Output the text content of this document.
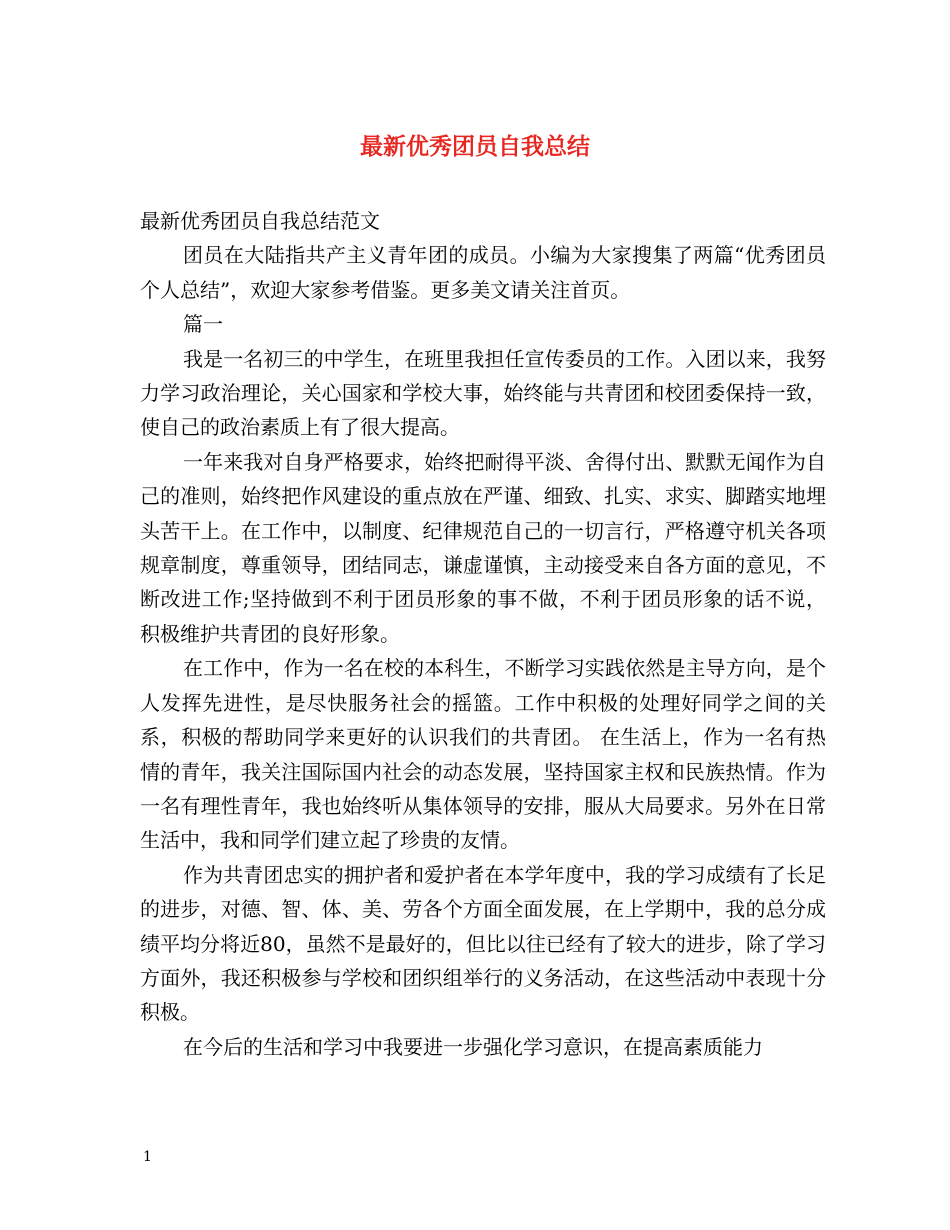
最新优秀团员自我总结

最新优秀团员自我总结范文

团员在大陆指共产主义青年团的成员。小编为大家搜集了两篇“优秀团员个人总结”，欢迎大家参考借鉴。更多美文请关注首页。

篇一

我是一名初三的中学生，在班里我担任宣传委员的工作。入团以来，我努力学习政治理论，关心国家和学校大事，始终能与共青团和校团委保持一致，使自己的政治素质上有了很大提高。

一年来我对自身严格要求，始终把耐得平淡、舍得付出、默默无闻作为自己的准则，始终把作风建设的重点放在严谨、细致、扎实、求实、脚踏实地埋头苦干上。在工作中，以制度、纪律规范自己的一切言行，严格遵守机关各项规章制度，尊重领导，团结同志，谦虚谨慎，主动接受来自各方面的意见，不断改进工作;坚持做到不利于团员形象的事不做，不利于团员形象的话不说，积极维护共青团的良好形象。

在工作中，作为一名在校的本科生，不断学习实践依然是主导方向，是个人发挥先进性，是尽快服务社会的摇篮。工作中积极的处理好同学之间的关系，积极的帮助同学来更好的认识我们的共青团。 在生活上，作为一名有热情的青年，我关注国际国内社会的动态发展，坚持国家主权和民族热情。作为一名有理性青年，我也始终听从集体领导的安排，服从大局要求。另外在日常生活中，我和同学们建立起了珍贵的友情。

作为共青团忠实的拥护者和爱护者在本学年度中，我的学习成绩有了长足的进步，对德、智、体、美、劳各个方面全面发展，在上学期中，我的总分成绩平均分将近80，虽然不是最好的，但比以往已经有了较大的进步，除了学习方面外，我还积极参与学校和团织组举行的义务活动，在这些活动中表现十分积极。

在今后的生活和学习中我要进一步强化学习意识，在提高素质能力

1
